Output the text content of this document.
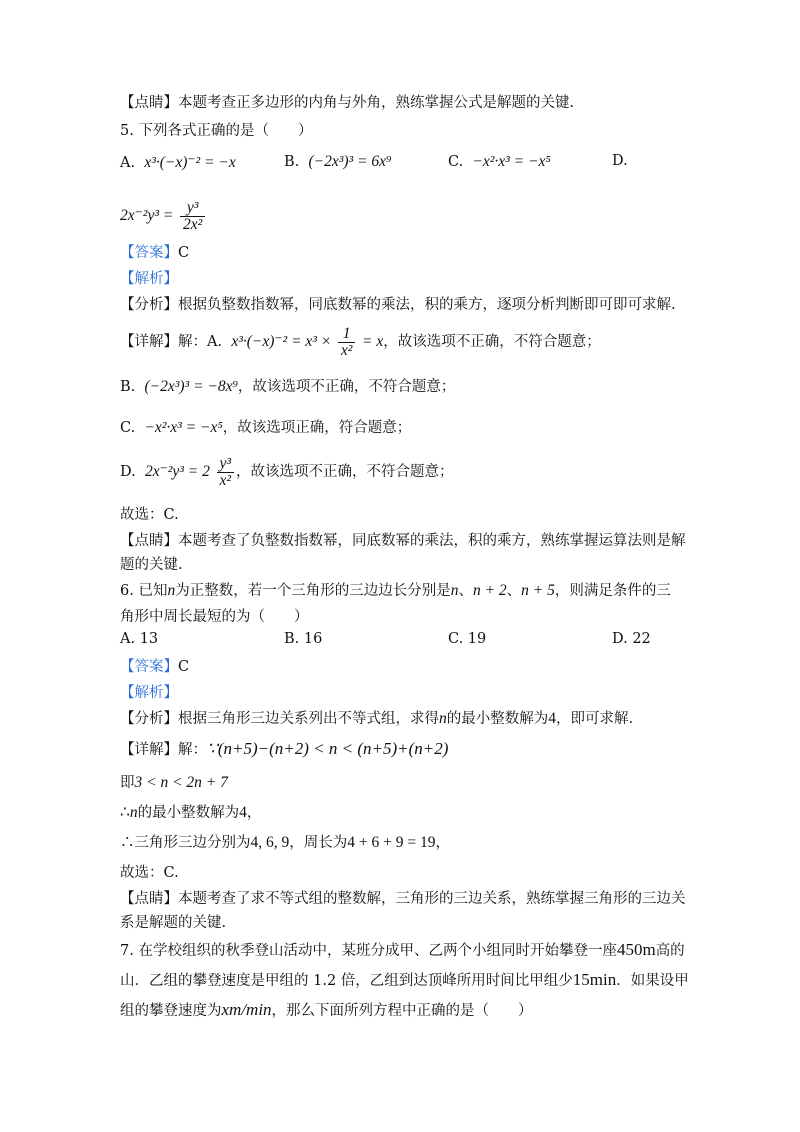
【点睛】本题考查正多边形的内角与外角，熟练掌握公式是解题的关键.
5. 下列各式正确的是（　　）
A. x³·(−x)⁻² = −x	B. (−2x³)³ = 6x⁹	C. −x²·x³ = −x⁵	D.
$2x^{-2}y^3 = \frac{\text{y³}}{\text{2x²}}$
【答案】C
【解析】
【分析】根据负整数指数幂，同底数幂的乘法，积的乘方，逐项分析判断即可即可求解.
【详解】解：A. $x^3\cdot(-x)^{-2} = x^3 \times \frac{1}{\text{x²}} = x$，故该选项不正确，不符合题意；
B. (−2x³)³ = −8x⁹，故该选项不正确，不符合题意；
C. −x²·x³ = −x⁵，故该选项正确，符合题意；
D. $2x^{-2}y^3 = 2 \frac{\text{y³}}{\text{x²}}$ ，故该选项不正确，不符合题意；
故选：C.
【点睛】本题考查了负整数指数幂，同底数幂的乘法，积的乘方，熟练掌握运算法则是解
题的关键.
6. 已知n为正整数，若一个三角形的三边边长分别是n、n + 2、n + 5，则满足条件的三
角形中周长最短的为（　　）
A. 13	B. 16	C. 19	D. 22
【答案】C
【解析】
【分析】根据三角形三边关系列出不等式组，求得n的最小整数解为4，即可求解.
【详解】解：∵(n+5)−(n+2) < n < (n+5)+(n+2)
即3 < n < 2n + 7
∴n的最小整数解为4，
∴三角形三边分别为4, 6, 9，周长为4 + 6 + 9 = 19，
故选：C.
【点睛】本题考查了求不等式组的整数解，三角形的三边关系，熟练掌握三角形的三边关
系是解题的关键.
7. 在学校组织的秋季登山活动中，某班分成甲、乙两个小组同时开始攀登一座450m高的
山．乙组的攀登速度是甲组的 1.2 倍，乙组到达顶峰所用时间比甲组少15min．如果设甲
组的攀登速度为xm/min，那么下面所列方程中正确的是（　　）
